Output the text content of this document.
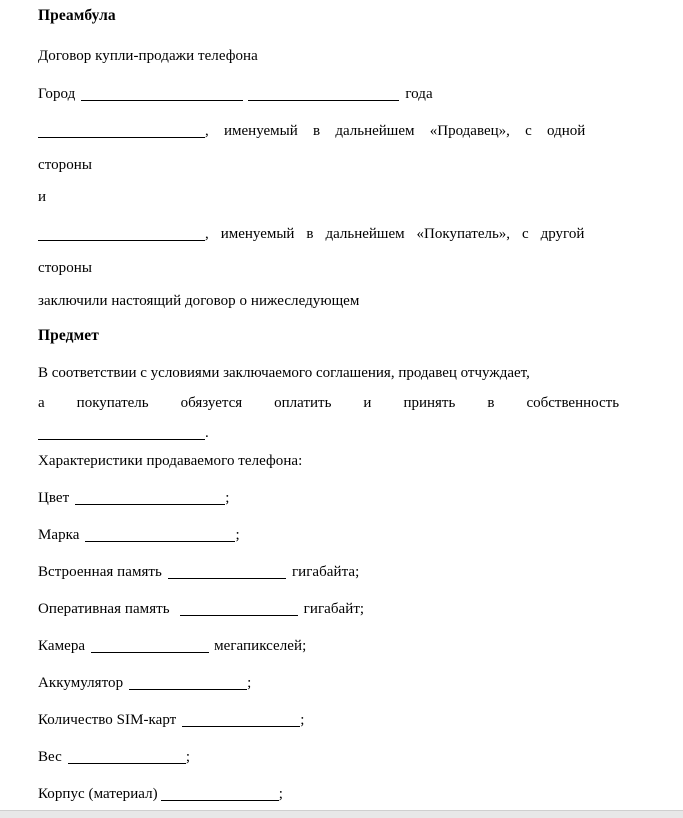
Преамбула
Договор купли-продажи телефона
Город	года
, именуемый в дальнейшем «Продавец», с одной
стороны
и
, именуемый в дальнейшем «Покупатель», с другой
стороны
заключили настоящий договор о нижеследующем
Предмет
В соответствии с условиями заключаемого соглашения, продавец отчуждает,
а покупатель обязуется оплатить и принять в собственность
.
Характеристики продаваемого телефона:
Цвет	;
Марка	;
Встроенная память	гигабайта;
Оперативная память	гигабайт;
Камера	мегапикселей;
Аккумулятор	;
Количество SIM-карт	;
Вес	;
Корпус (материал)	;
